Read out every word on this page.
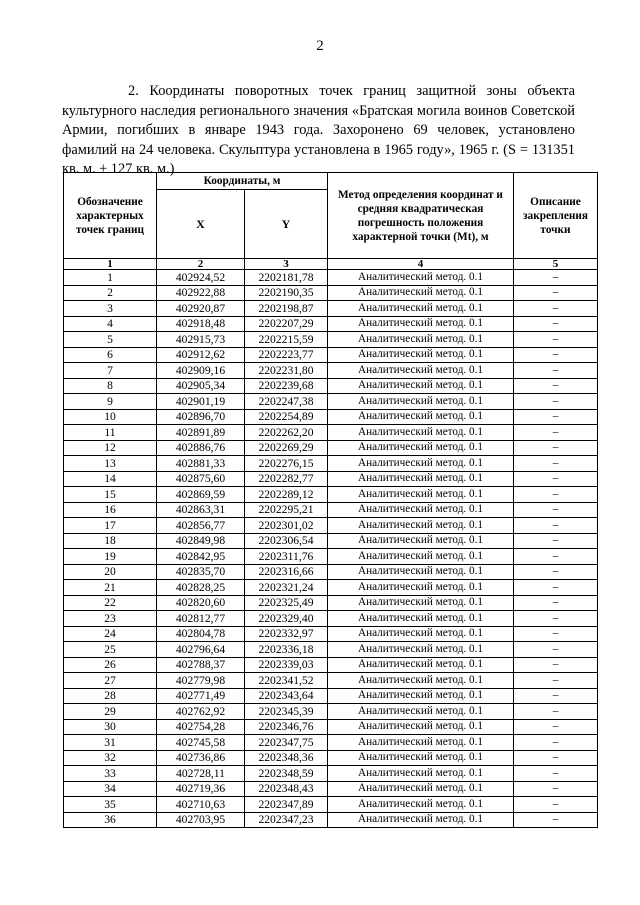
2

2. Координаты поворотных точек границ защитной зоны объекта культурного наследия регионального значения «Братская могила воинов Советской Армии, погибших в январе 1943 года. Захоронено 69 человек, установлено фамилий на 24 человека. Скульптура установлена в 1965 году», 1965 г. (S = 131351 кв. м. ± 127 кв. м.)

Обозначение характерных точек границ	Координаты, м		Метод определения координат и средняя квадратическая погрешность положения характерной точки (Mt), м	Описание закрепления точки
	X	Y		
1	2	3	4	5
1	402924,52	2202181,78	Аналитический метод. 0.1	–
2	402922,88	2202190,35	Аналитический метод. 0.1	–
3	402920,87	2202198,87	Аналитический метод. 0.1	–
4	402918,48	2202207,29	Аналитический метод. 0.1	–
5	402915,73	2202215,59	Аналитический метод. 0.1	–
6	402912,62	2202223,77	Аналитический метод. 0.1	–
7	402909,16	2202231,80	Аналитический метод. 0.1	–
8	402905,34	2202239,68	Аналитический метод. 0.1	–
9	402901,19	2202247,38	Аналитический метод. 0.1	–
10	402896,70	2202254,89	Аналитический метод. 0.1	–
11	402891,89	2202262,20	Аналитический метод. 0.1	–
12	402886,76	2202269,29	Аналитический метод. 0.1	–
13	402881,33	2202276,15	Аналитический метод. 0.1	–
14	402875,60	2202282,77	Аналитический метод. 0.1	–
15	402869,59	2202289,12	Аналитический метод. 0.1	–
16	402863,31	2202295,21	Аналитический метод. 0.1	–
17	402856,77	2202301,02	Аналитический метод. 0.1	–
18	402849,98	2202306,54	Аналитический метод. 0.1	–
19	402842,95	2202311,76	Аналитический метод. 0.1	–
20	402835,70	2202316,66	Аналитический метод. 0.1	–
21	402828,25	2202321,24	Аналитический метод. 0.1	–
22	402820,60	2202325,49	Аналитический метод. 0.1	–
23	402812,77	2202329,40	Аналитический метод. 0.1	–
24	402804,78	2202332,97	Аналитический метод. 0.1	–
25	402796,64	2202336,18	Аналитический метод. 0.1	–
26	402788,37	2202339,03	Аналитический метод. 0.1	–
27	402779,98	2202341,52	Аналитический метод. 0.1	–
28	402771,49	2202343,64	Аналитический метод. 0.1	–
29	402762,92	2202345,39	Аналитический метод. 0.1	–
30	402754,28	2202346,76	Аналитический метод. 0.1	–
31	402745,58	2202347,75	Аналитический метод. 0.1	–
32	402736,86	2202348,36	Аналитический метод. 0.1	–
33	402728,11	2202348,59	Аналитический метод. 0.1	–
34	402719,36	2202348,43	Аналитический метод. 0.1	–
35	402710,63	2202347,89	Аналитический метод. 0.1	–
36	402703,95	2202347,23	Аналитический метод. 0.1	–
